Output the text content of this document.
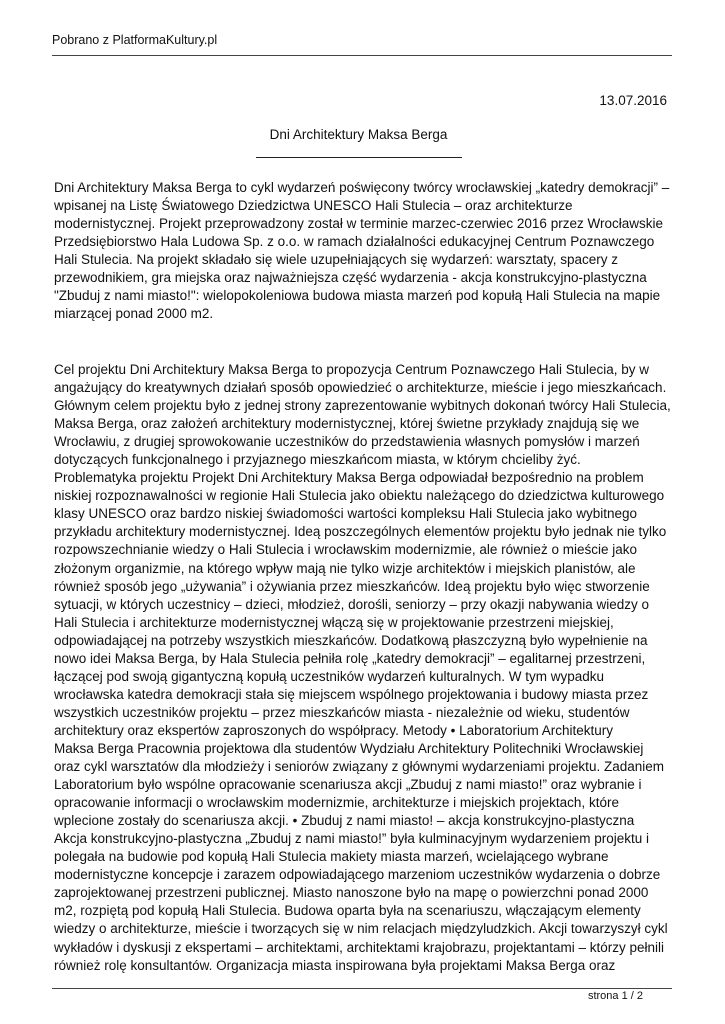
Pobrano z PlatformaKultury.pl
13.07.2016
Dni Architektury Maksa Berga
Dni Architektury Maksa Berga to cykl wydarzeń poświęcony twórcy wrocławskiej „katedry demokracji” –
wpisanej na Listę Światowego Dziedzictwa UNESCO Hali Stulecia – oraz architekturze
modernistycznej. Projekt przeprowadzony został w terminie marzec-czerwiec 2016 przez Wrocławskie
Przedsiębiorstwo Hala Ludowa Sp. z o.o. w ramach działalności edukacyjnej Centrum Poznawczego
Hali Stulecia. Na projekt składało się wiele uzupełniających się wydarzeń: warsztaty, spacery z
przewodnikiem, gra miejska oraz najważniejsza część wydarzenia - akcja konstrukcyjno-plastyczna
"Zbuduj z nami miasto!": wielopokoleniowa budowa miasta marzeń pod kopułą Hali Stulecia na mapie
miarzącej ponad 2000 m2.
Cel projektu Dni Architektury Maksa Berga to propozycja Centrum Poznawczego Hali Stulecia, by w
angażujący do kreatywnych działań sposób opowiedzieć o architekturze, mieście i jego mieszkańcach.
Głównym celem projektu było z jednej strony zaprezentowanie wybitnych dokonań twórcy Hali Stulecia,
Maksa Berga, oraz założeń architektury modernistycznej, której świetne przykłady znajdują się we
Wrocławiu, z drugiej sprowokowanie uczestników do przedstawienia własnych pomysłów i marzeń
dotyczących funkcjonalnego i przyjaznego mieszkańcom miasta, w którym chcieliby żyć.
Problematyka projektu Projekt Dni Architektury Maksa Berga odpowiadał bezpośrednio na problem
niskiej rozpoznawalności w regionie Hali Stulecia jako obiektu należącego do dziedzictwa kulturowego
klasy UNESCO oraz bardzo niskiej świadomości wartości kompleksu Hali Stulecia jako wybitnego
przykładu architektury modernistycznej. Ideą poszczególnych elementów projektu było jednak nie tylko
rozpowszechnianie wiedzy o Hali Stulecia i wrocławskim modernizmie, ale również o mieście jako
złożonym organizmie, na którego wpływ mają nie tylko wizje architektów i miejskich planistów, ale
również sposób jego „używania” i ożywiania przez mieszkańców. Ideą projektu było więc stworzenie
sytuacji, w których uczestnicy – dzieci, młodzież, dorośli, seniorzy – przy okazji nabywania wiedzy o
Hali Stulecia i architekturze modernistycznej włączą się w projektowanie przestrzeni miejskiej,
odpowiadającej na potrzeby wszystkich mieszkańców. Dodatkową płaszczyzną było wypełnienie na
nowo idei Maksa Berga, by Hala Stulecia pełniła rolę „katedry demokracji” – egalitarnej przestrzeni,
łączącej pod swoją gigantyczną kopułą uczestników wydarzeń kulturalnych. W tym wypadku
wrocławska katedra demokracji stała się miejscem wspólnego projektowania i budowy miasta przez
wszystkich uczestników projektu – przez mieszkańców miasta - niezależnie od wieku, studentów
architektury oraz ekspertów zaproszonych do współpracy. Metody • Laboratorium Architektury
Maksa Berga Pracownia projektowa dla studentów Wydziału Architektury Politechniki Wrocławskiej
oraz cykl warsztatów dla młodzieży i seniorów związany z głównymi wydarzeniami projektu. Zadaniem
Laboratorium było wspólne opracowanie scenariusza akcji „Zbuduj z nami miasto!” oraz wybranie i
opracowanie informacji o wrocławskim modernizmie, architekturze i miejskich projektach, które
wplecione zostały do scenariusza akcji. • Zbuduj z nami miasto! – akcja konstrukcyjno-plastyczna
Akcja konstrukcyjno-plastyczna „Zbuduj z nami miasto!” była kulminacyjnym wydarzeniem projektu i
polegała na budowie pod kopułą Hali Stulecia makiety miasta marzeń, wcielającego wybrane
modernistyczne koncepcje i zarazem odpowiadającego marzeniom uczestników wydarzenia o dobrze
zaprojektowanej przestrzeni publicznej. Miasto nanoszone było na mapę o powierzchni ponad 2000
m2, rozpiętą pod kopułą Hali Stulecia. Budowa oparta była na scenariuszu, włączającym elementy
wiedzy o architekturze, mieście i tworzących się w nim relacjach międzyludzkich. Akcji towarzyszył cykl
wykładów i dyskusji z ekspertami – architektami, architektami krajobrazu, projektantami – którzy pełnili
również rolę konsultantów. Organizacja miasta inspirowana była projektami Maksa Berga oraz
strona 1 / 2
